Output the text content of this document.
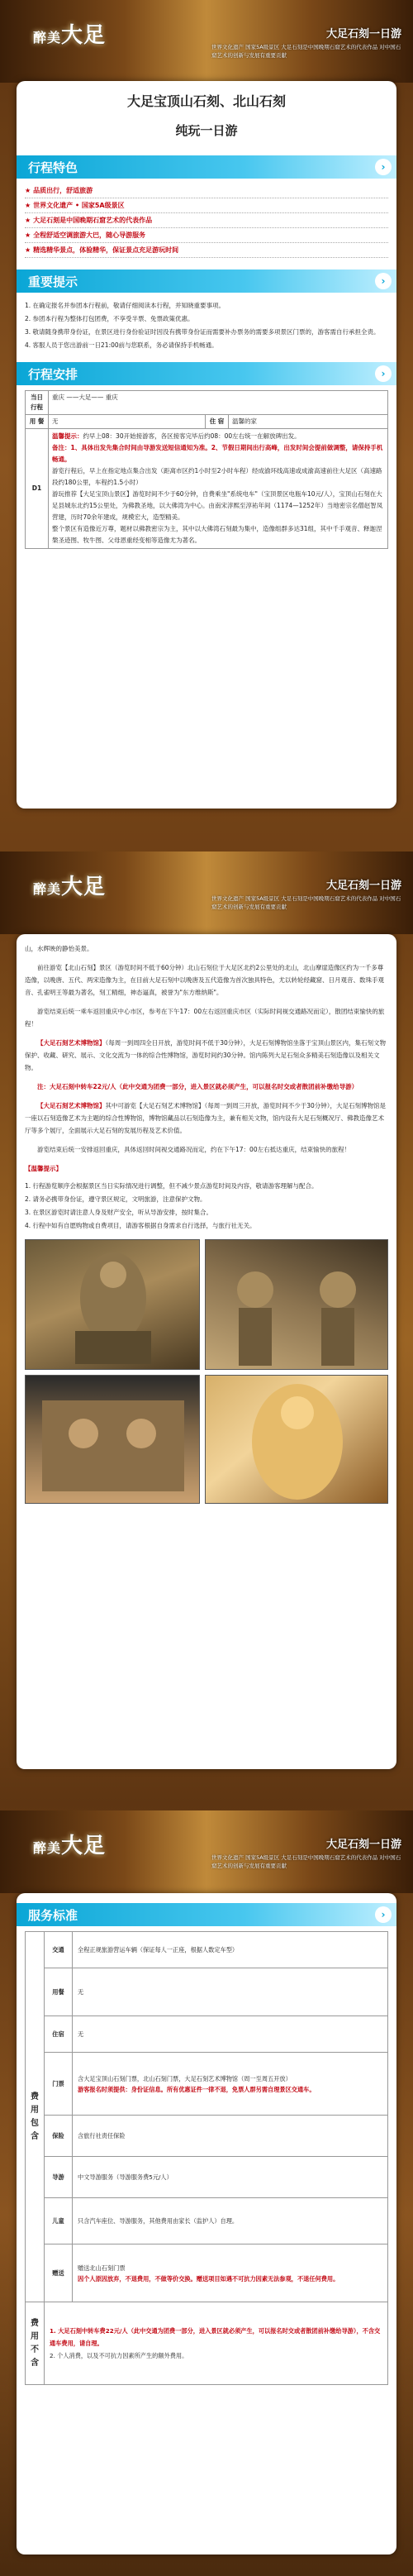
醉美大足	大足石刻一日游
世界文化遗产 国家5A级景区 大足石刻是中国晚期石窟艺术的代表作品 对中国石窟艺术的创新与发展有重要贡献
大足宝顶山石刻、北山石刻
纯玩一日游
行程特色	›
★ 品质出行，舒适旅游
★ 世界文化遗产 • 国家5A级景区
★ 大足石刻是中国晚期石窟艺术的代表作品
★ 全程舒适空调旅游大巴，随心导游服务
★ 精选精华景点，体验精华，保证景点充足游玩时间
重要提示	›
1. 在确定报名并参团本行程前，敬请仔细阅读本行程，并知晓重要事项。
2. 参团本行程为整体打包团费，不享受半票、免票政策优惠。
3. 敬请随身携带身份证，在景区进行身份验证时因没有携带身份证而需要补办票务的需要多项景区门票的，游客需自行承担全责。
4. 客服人员于您出游前一日21:00前与您联系，务必请保持手机畅通。
行程安排	›
当日行程	重庆 ——大足—— 重庆		
用 餐	无	住 宿	温馨的家
D1	温馨提示：约早上08：30开始接游客，各区接客完毕后约08：00左右统一在解放碑出发。
备注：1、具体出发先集合时间由导游发送短信通知为准。2、节假日期间出行高峰，出发时间会提前做调整，请保持手机畅通。
游览行程后，早上在指定地点集合出发（距离市区约1小时至2小时车程）经成渝环线高速或成渝高速前往大足区（高速路段约180公里，车程约1.5小时）
游玩推荐【大足宝顶山景区】游览时间不少于60分钟，自费乘坐"系统电车"（宝顶景区电瓶车10元/人），宝顶山石刻在大足县城东北约15公里处，为佛教圣地，以大佛湾为中心。由南宋淳熙至淳祐年间（1174—1252年）当地密宗名僧赵智凤营建，历时70余年建成，规模宏大，造型精美。
整个景区有造像近万尊，题材以佛教密宗为主，其中以大佛湾石刻最为集中，造像组群多达31组，其中千手观音、释迦涅槃圣迹图、牧牛图、父母恩重经变相等造像尤为著名。		
醉美大足	大足石刻一日游
世界文化遗产 国家5A级景区 大足石刻是中国晚期石窟艺术的代表作品 对中国石窟艺术的创新与发展有重要贡献
山，水辉映的静怡美景。
前往游览【北山石刻】景区（游览时间不低于60分钟）北山石刻位于大足区北约2公里处的北山，北山摩崖造像区约为一千多尊造像，以晚唐、五代、两宋造像为主，在目前大足石刻中以晚唐及五代造像为首次独具特色，尤以转轮经藏窟、日月观音、数珠手观音、孔雀明王等最为著名，刻工精细，神态逼真，被誉为"东方维纳斯"。
游览结束后统一乘车返回重庆中心市区，参考在下午17：00左右返回重庆市区（实际时间视交通路况而定），散团结束愉快的旅程！
【大足石刻艺术博物馆】（每周一到周四全日开放，游览时间不低于30分钟），大足石刻博物馆坐落于宝顶山景区内，集石刻文物保护、收藏、研究、展示、文化交流为一体的综合性博物馆，游览时间约30分钟。馆内陈列大足石刻众多精美石刻造像以及相关文物。
注：大足石刻中转车22元/人（此中交通为团费一部分，进入景区就必须产生，可以报名时交或者散团前补缴给导游）
【大足石刻艺术博物馆】其中可游览【大足石刻艺术博物馆】（每周一到周三开放，游览时间不少于30分钟），大足石刻博物馆是一座以石刻造像艺术为主题的综合性博物馆，博物馆藏品以石刻造像为主，兼有相关文物，馆内设有大足石刻概况厅、佛教造像艺术厅等多个展厅，全面展示大足石刻的发展历程及艺术价值。
游览结束后统一安排返回重庆，具体返回时间视交通路况而定，约在下午17：00左右抵达重庆，结束愉快的旅程！
【温馨提示】
1. 行程游览顺序会根据景区当日实际情况进行调整，但不减少景点游览时间及内容，敬请游客理解与配合。
2. 请务必携带身份证，遵守景区规定，文明旅游，注意保护文物。
3. 在景区游览时请注意人身及财产安全，听从导游安排，按时集合。
4. 行程中如有自愿购物或自费项目，请游客根据自身需求自行选择，与旅行社无关。
醉美大足	大足石刻一日游
世界文化遗产 国家5A级景区 大足石刻是中国晚期石窟艺术的代表作品 对中国石窟艺术的创新与发展有重要贡献
服务标准	›
费用包含	交通	全程正规旅游营运车辆（保证每人一正座，根据人数定车型）
	用餐	无
	住宿	无
	门票	含大足宝顶山石刻门票，北山石刻门票，大足石刻艺术博物馆（周一至周五开放）
游客报名时须提供：身份证信息。所有优惠证件一律不退，免票人群另需自理景区交通车。
	保险	含旅行社责任保险
	导游	中文导游服务（导游服务费5元/人）
	儿童	只含汽车座位、导游服务，其他费用由家长（监护人）自理。
	赠送	赠送北山石刻门票
因个人原因放弃，不退费用，不做等价交换。赠送项目如遇不可抗力因素无法参观，不退任何费用。
费用不含	1. 大足石刻中转车费22元/人（此中交通为团费一部分，进入景区就必须产生，可以报名时交或者散团前补缴给导游），不含交通车费用，请自理。
2. 个人消费，以及不可抗力因素所产生的额外费用。	
